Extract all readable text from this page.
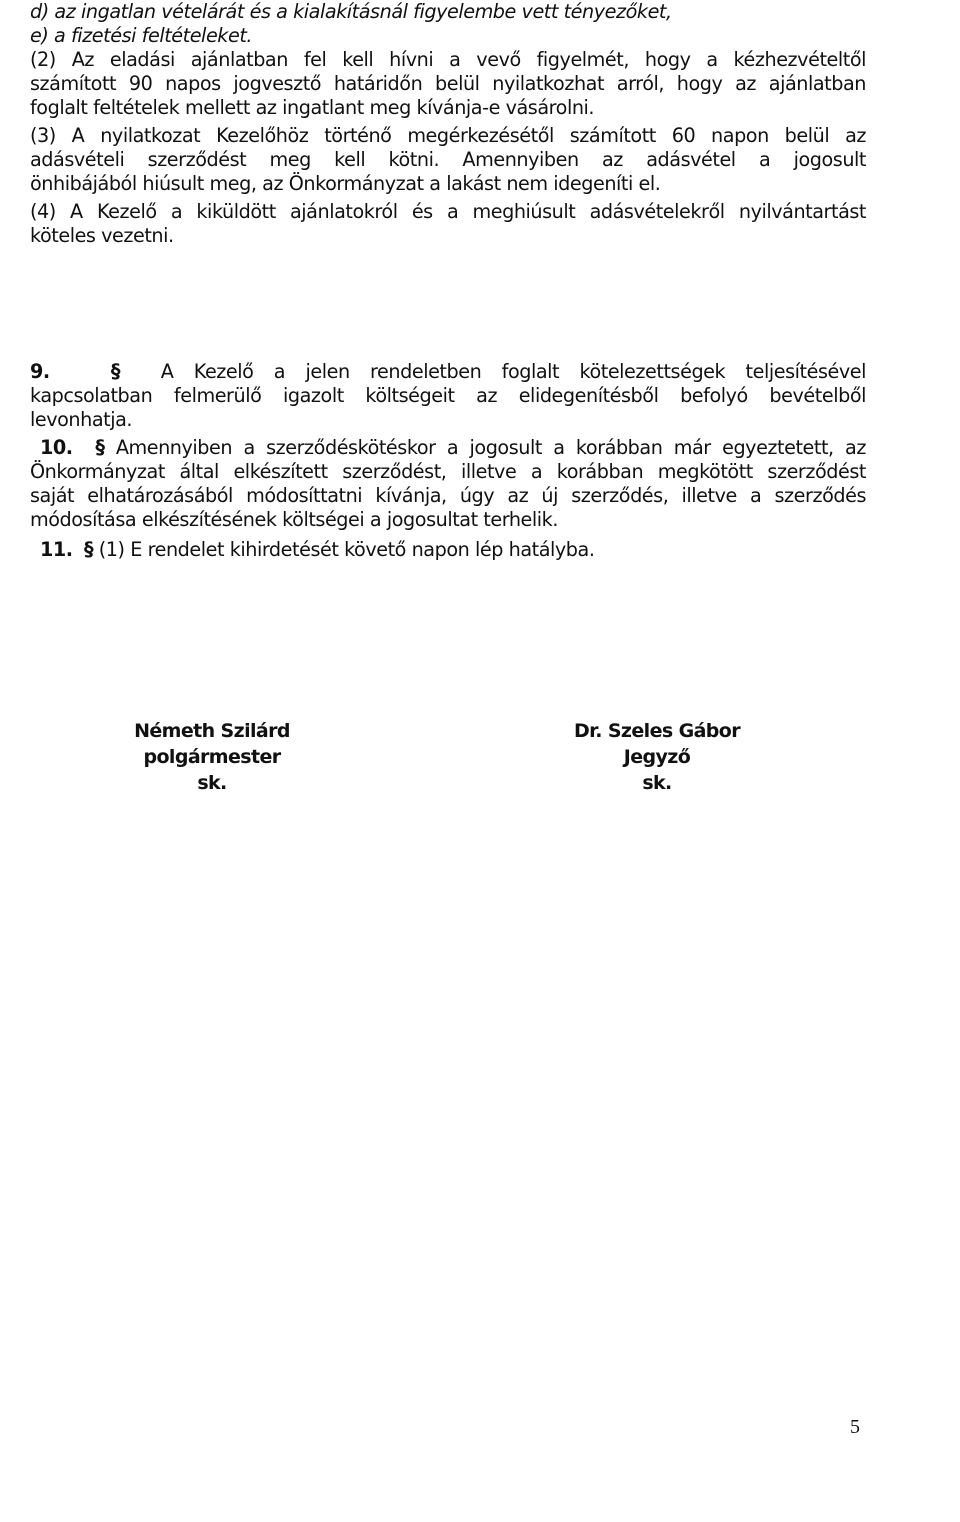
d) az ingatlan vételárát és a kialakításnál figyelembe vett tényezőket,
e) a fizetési feltételeket.
(2) Az eladási ajánlatban fel kell hívni a vevő figyelmét, hogy a kézhezvételtől
számított 90 napos jogvesztő határidőn belül nyilatkozhat arról, hogy az ajánlatban
foglalt feltételek mellett az ingatlant meg kívánja-e vásárolni.
(3) A nyilatkozat Kezelőhöz történő megérkezésétől számított 60 napon belül az
adásvételi szerződést meg kell kötni. Amennyiben az adásvétel a jogosult
önhibájából hiúsult meg, az Önkormányzat a lakást nem idegeníti el.
(4) A Kezelő a kiküldött ajánlatokról és a meghiúsult adásvételekről nyilvántartást
köteles vezetni.
9.	§ A Kezelő a jelen rendeletben foglalt kötelezettségek teljesítésével
kapcsolatban felmerülő igazolt költségeit az elidegenítésből befolyó bevételből
levonhatja.
10. § Amennyiben a szerződéskötéskor a jogosult a korábban már egyeztetett, az
Önkormányzat által elkészített szerződést, illetve a korábban megkötött szerződést
saját elhatározásából módosíttatni kívánja, úgy az új szerződés, illetve a szerződés
módosítása elkészítésének költségei a jogosultat terhelik.
11. § (1) E rendelet kihirdetését követő napon lép hatályba.
Németh Szilárd
polgármester
sk.
Dr. Szeles Gábor
Jegyző
sk.
5
